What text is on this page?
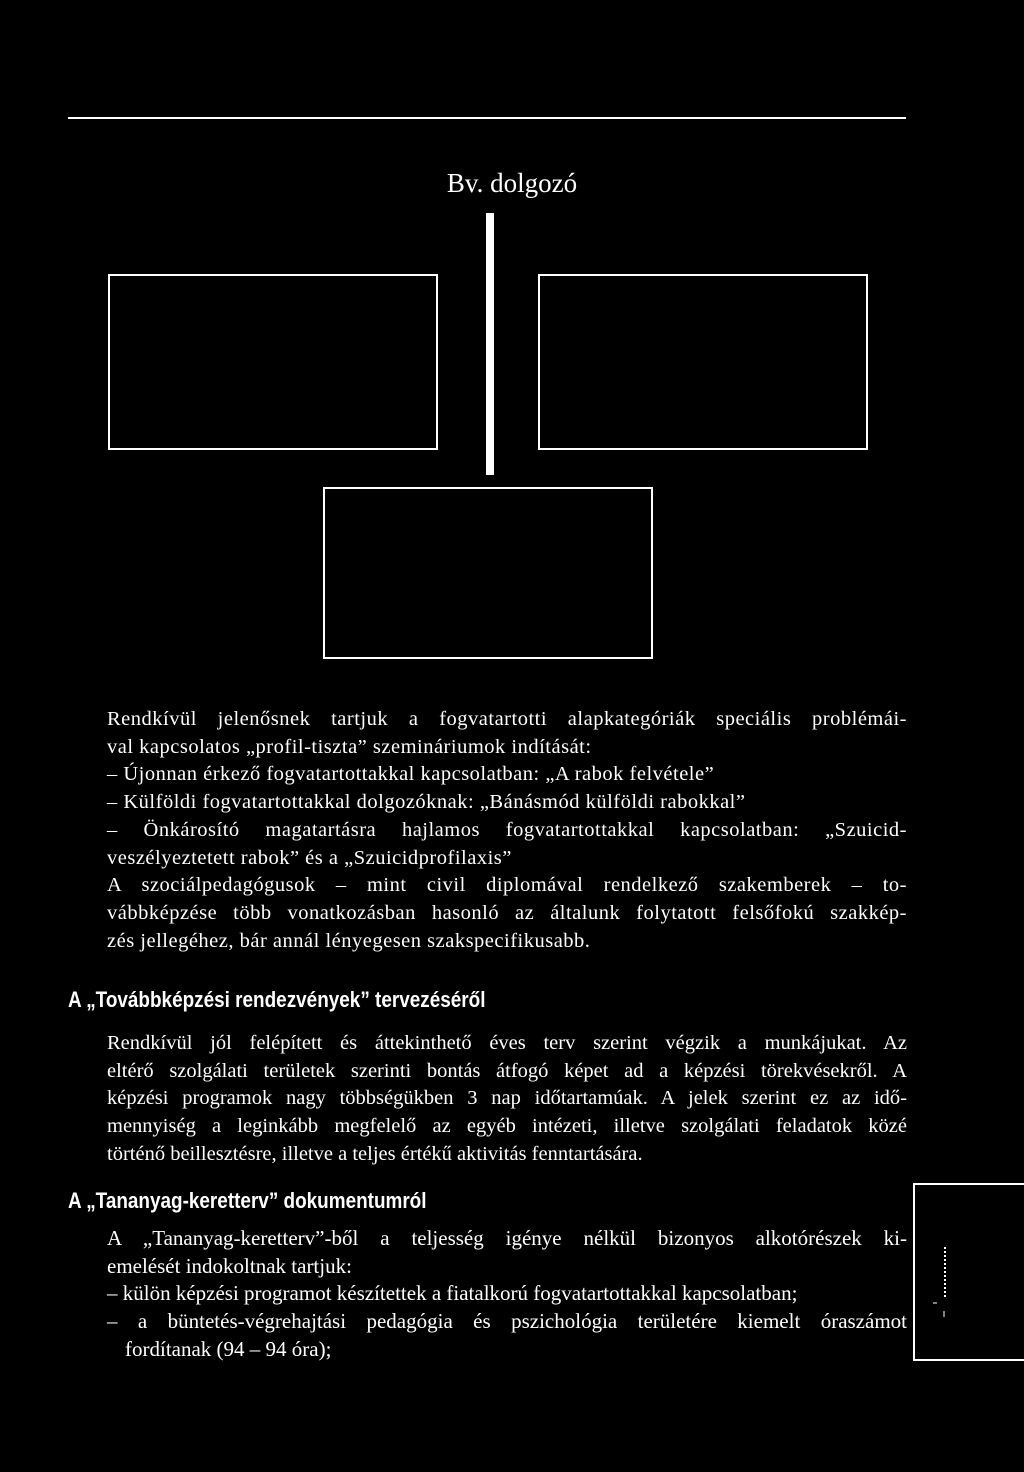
Bv. dolgozó
Rendkívül jelenősnek tartjuk a fogvatartotti alapkategóriák speciális problémái-
val kapcsolatos „profil-tiszta” szemináriumok indítását:
– Újonnan érkező fogvatartottakkal kapcsolatban: „A rabok felvétele”
– Külföldi fogvatartottakkal dolgozóknak: „Bánásmód külföldi rabokkal”
– Önkárosító magatartásra hajlamos fogvatartottakkal kapcsolatban: „Szuicid-
veszélyeztetett rabok” és a „Szuicidprofilaxis”
A szociálpedagógusok – mint civil diplomával rendelkező szakemberek – to-
vábbképzése több vonatkozásban hasonló az általunk folytatott felsőfokú szakkép-
zés jellegéhez, bár annál lényegesen szakspecifikusabb.
A „Továbbképzési rendezvények” tervezéséről
Rendkívül jól felépített és áttekinthető éves terv szerint végzik a munkájukat. Az
eltérő szolgálati területek szerinti bontás átfogó képet ad a képzési törekvésekről. A
képzési programok nagy többségükben 3 nap időtartamúak. A jelek szerint ez az idő-
mennyiség a leginkább megfelelő az egyéb intézeti, illetve szolgálati feladatok közé
történő beillesztésre, illetve a teljes értékű aktivitás fenntartására.
A „Tananyag-keretterv” dokumentumról
A „Tananyag-keretterv”-ből a teljesség igénye nélkül bizonyos alkotórészek ki-
emelését indokoltnak tartjuk:
– külön képzési programot készítettek a fiatalkorú fogvatartottakkal kapcsolatban;
– a büntetés-végrehajtási pedagógia és pszichológia területére kiemelt óraszámot
fordítanak (94 – 94 óra);
